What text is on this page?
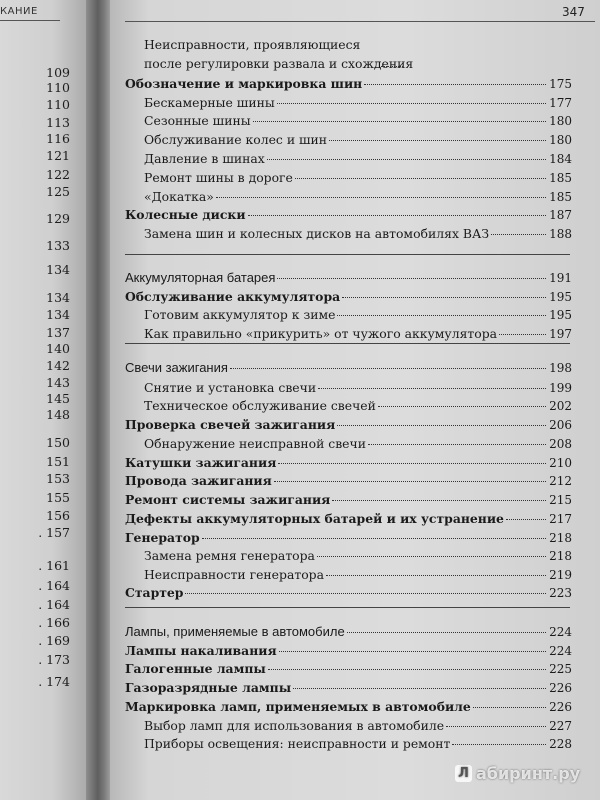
КАНИЕ
109
110
110
113
116
121
122
125
129
133
134
134
134
137
140
142
143
145
148
150
151
153
155
156
. 157
. 161
. 164
. 164
. 166
. 169
. 173
. 174
347
Неисправности, проявляющиеся
после регулировки развала и схождения
Обозначение и маркировка шин	175
Бескамерные шины	177
Сезонные шины	180
Обслуживание колес и шин	180
Давление в шинах	184
Ремонт шины в дороге	185
«Докатка»	185
Колесные диски	187
Замена шин и колесных дисков на автомобилях ВАЗ	188
Аккумуляторная батарея	191
Обслуживание аккумулятора	195
Готовим аккумулятор к зиме	195
Как правильно «прикурить» от чужого аккумулятора	197
Свечи зажигания	198
Снятие и установка свечи	199
Техническое обслуживание свечей	202
Проверка свечей зажигания	206
Обнаружение неисправной свечи	208
Катушки зажигания	210
Провода зажигания	212
Ремонт системы зажигания	215
Дефекты аккумуляторных батарей и их устранение	217
Генератор	218
Замена ремня генератора	218
Неисправности генератора	219
Стартер	223
Лампы, применяемые в автомобиле	224
Лампы накаливания	224
Галогенные лампы	225
Газоразрядные лампы	226
Маркировка ламп, применяемых в автомобиле	226
Выбор ламп для использования в автомобиле	227
Приборы освещения: неисправности и ремонт	228
Л абиринт.ру
